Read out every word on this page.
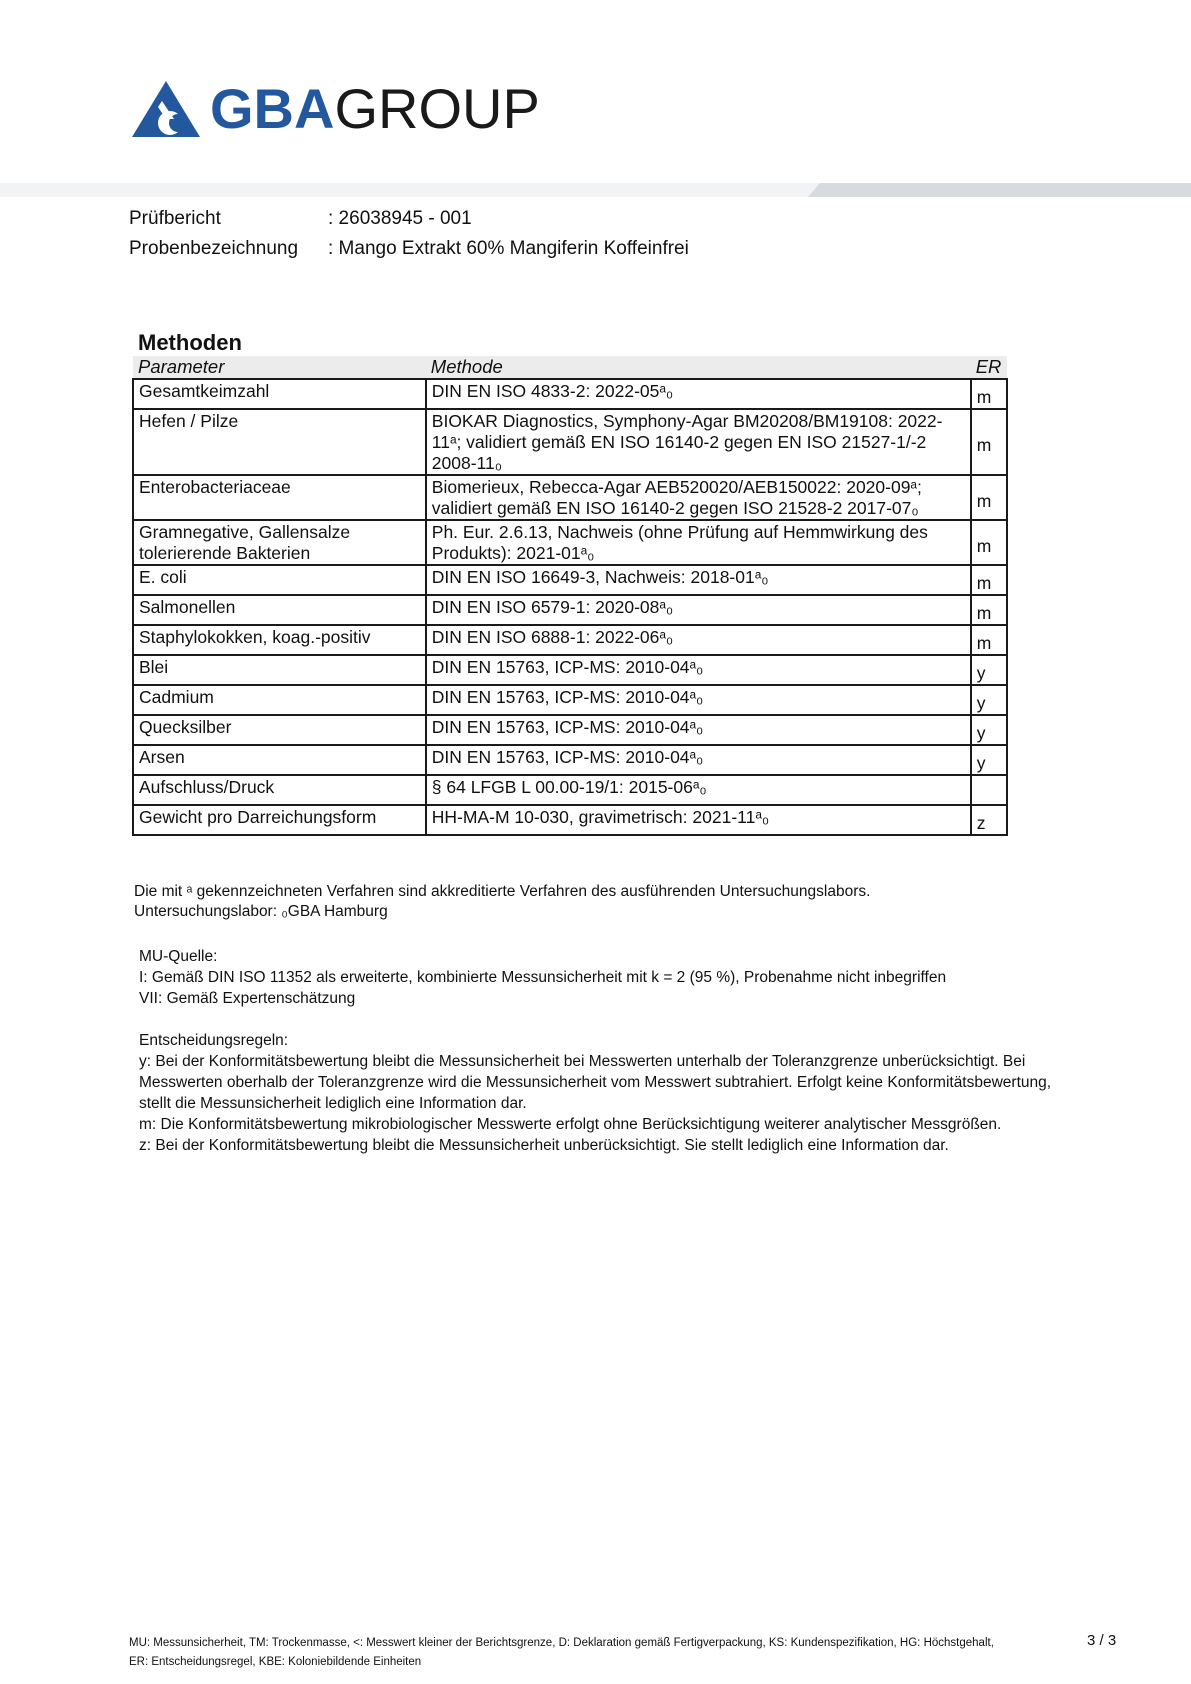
GBAGROUP
Prüfbericht	: 26038945 - 001
Probenbezeichnung : Mango Extrakt 60% Mangiferin Koffeinfrei
Methoden
Parameter	Methode	ER
Gesamtkeimzahl	DIN EN ISO 4833-2: 2022-05ᵃ₀	m
Hefen / Pilze	BIOKAR Diagnostics, Symphony-Agar BM20208/BM19108: 2022-11ᵃ; validiert gemäß EN ISO 16140-2 gegen EN ISO 21527-1/-2 2008-11₀	m
Enterobacteriaceae	Biomerieux, Rebecca-Agar AEB520020/AEB150022: 2020-09ᵃ; validiert gemäß EN ISO 16140-2 gegen ISO 21528-2 2017-07₀	m
Gramnegative, Gallensalze tolerierende Bakterien	Ph. Eur. 2.6.13, Nachweis (ohne Prüfung auf Hemmwirkung des Produkts): 2021-01ᵃ₀	m
E. coli	DIN EN ISO 16649-3, Nachweis: 2018-01ᵃ₀	m
Salmonellen	DIN EN ISO 6579-1: 2020-08ᵃ₀	m
Staphylokokken, koag.-positiv	DIN EN ISO 6888-1: 2022-06ᵃ₀	m
Blei	DIN EN 15763, ICP-MS: 2010-04ᵃ₀	y
Cadmium	DIN EN 15763, ICP-MS: 2010-04ᵃ₀	y
Quecksilber	DIN EN 15763, ICP-MS: 2010-04ᵃ₀	y
Arsen	DIN EN 15763, ICP-MS: 2010-04ᵃ₀	y
Aufschluss/Druck	§ 64 LFGB L 00.00-19/1: 2015-06ᵃ₀	
Gewicht pro Darreichungsform	HH-MA-M 10-030, gravimetrisch: 2021-11ᵃ₀	z
Die mit ᵃ gekennzeichneten Verfahren sind akkreditierte Verfahren des ausführenden Untersuchungslabors.
Untersuchungslabor: ₀GBA Hamburg
MU-Quelle:
I: Gemäß DIN ISO 11352 als erweiterte, kombinierte Messunsicherheit mit k = 2 (95 %), Probenahme nicht inbegriffen
VII: Gemäß Expertenschätzung
Entscheidungsregeln:
y: Bei der Konformitätsbewertung bleibt die Messunsicherheit bei Messwerten unterhalb der Toleranzgrenze unberücksichtigt. Bei Messwerten oberhalb der Toleranzgrenze wird die Messunsicherheit vom Messwert subtrahiert. Erfolgt keine Konformitätsbewertung, stellt die Messunsicherheit lediglich eine Information dar.
m: Die Konformitätsbewertung mikrobiologischer Messwerte erfolgt ohne Berücksichtigung weiterer analytischer Messgrößen.
z: Bei der Konformitätsbewertung bleibt die Messunsicherheit unberücksichtigt. Sie stellt lediglich eine Information dar.
MU: Messunsicherheit, TM: Trockenmasse, <: Messwert kleiner der Berichtsgrenze, D: Deklaration gemäß Fertigverpackung, KS: Kundenspezifikation, HG: Höchstgehalt,
ER: Entscheidungsregel, KBE: Koloniebildende Einheiten
3 / 3
